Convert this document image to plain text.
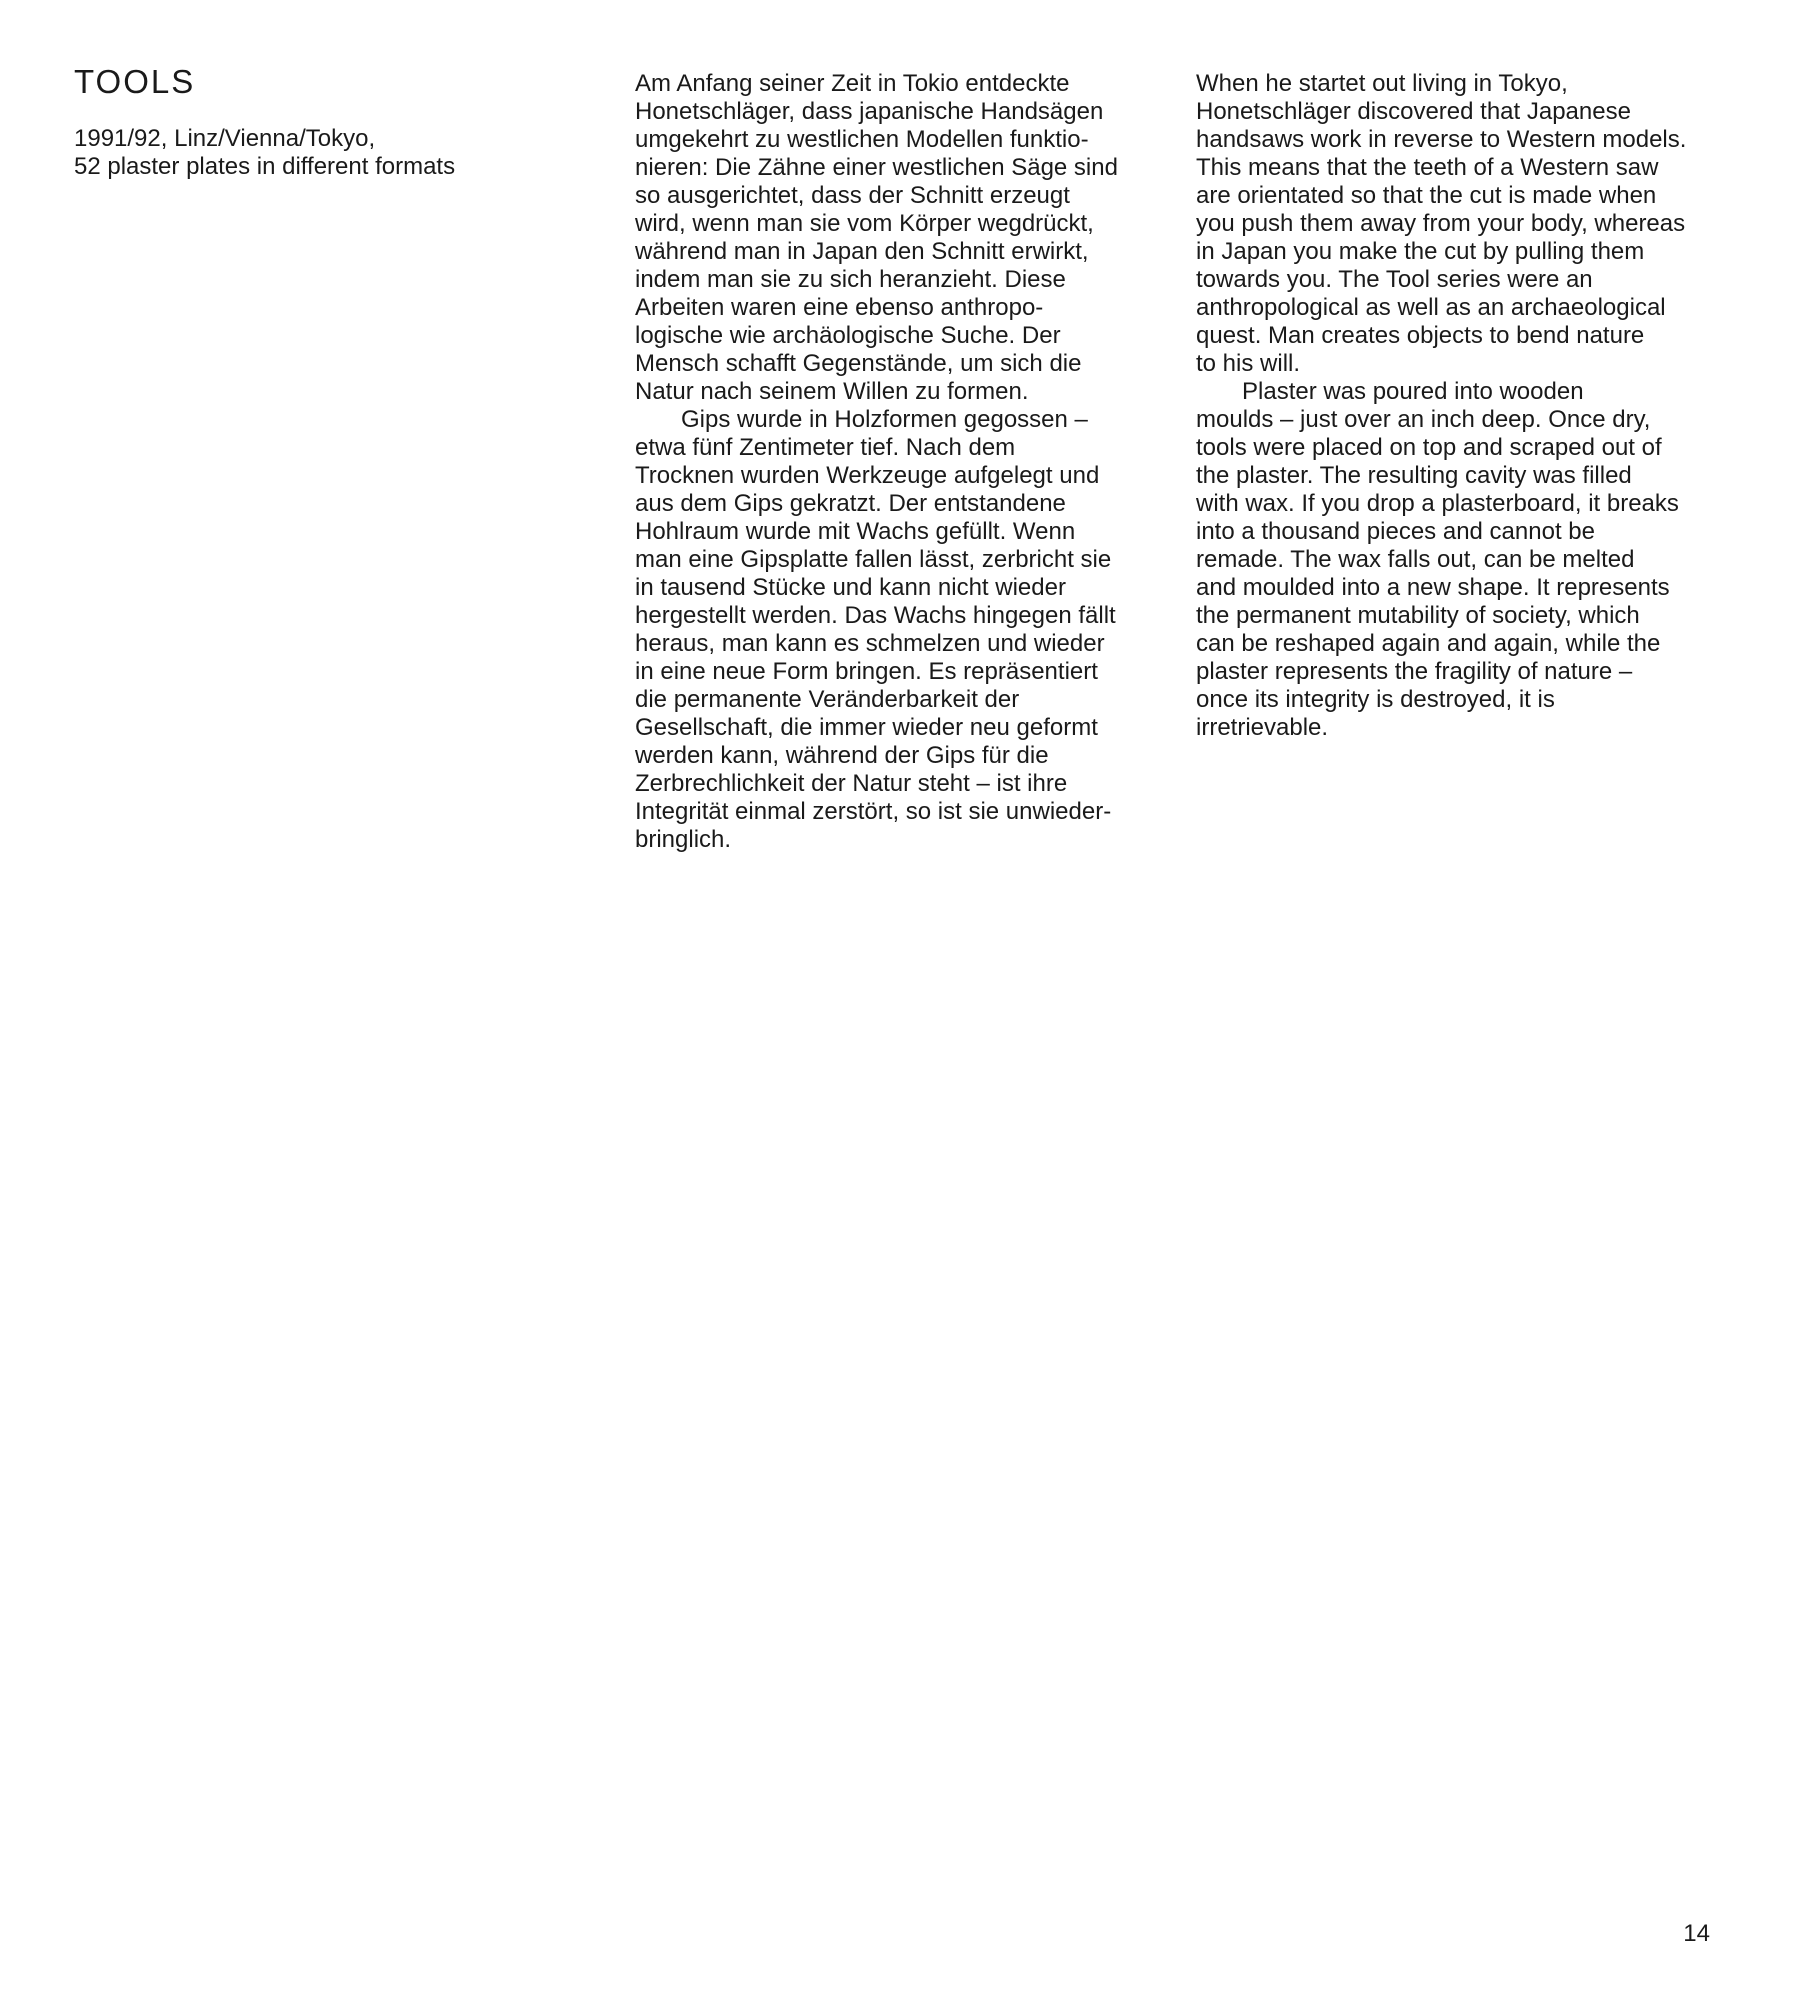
TOOLS
1991/92, Linz/Vienna/Tokyo,
52 plaster plates in different formats

Am Anfang seiner Zeit in Tokio entdeckte
Honetschläger, dass japanische Handsägen
umgekehrt zu westlichen Modellen funktio-
nieren: Die Zähne einer westlichen Säge sind
so ausgerichtet, dass der Schnitt erzeugt
wird, wenn man sie vom Körper wegdrückt,
während man in Japan den Schnitt erwirkt,
indem man sie zu sich heranzieht. Diese
Arbeiten waren eine ebenso anthropo-
logische wie archäologische Suche. Der
Mensch schafft Gegenstände, um sich die
Natur nach seinem Willen zu formen.

Gips wurde in Holzformen gegossen –
etwa fünf Zentimeter tief. Nach dem
Trocknen wurden Werkzeuge aufgelegt und
aus dem Gips gekratzt. Der entstandene
Hohlraum wurde mit Wachs gefüllt. Wenn
man eine Gipsplatte fallen lässt, zerbricht sie
in tausend Stücke und kann nicht wieder
hergestellt werden. Das Wachs hingegen fällt
heraus, man kann es schmelzen und wieder
in eine neue Form bringen. Es repräsentiert
die permanente Veränderbarkeit der
Gesellschaft, die immer wieder neu geformt
werden kann, während der Gips für die
Zerbrechlichkeit der Natur steht – ist ihre
Integrität einmal zerstört, so ist sie unwieder-
bringlich.

When he startet out living in Tokyo,
Honetschläger discovered that Japanese
handsaws work in reverse to Western models.
This means that the teeth of a Western saw
are orientated so that the cut is made when
you push them away from your body, whereas
in Japan you make the cut by pulling them
towards you. The Tool series were an
anthropological as well as an archaeological
quest. Man creates objects to bend nature
to his will.

Plaster was poured into wooden
moulds – just over an inch deep. Once dry,
tools were placed on top and scraped out of
the plaster. The resulting cavity was filled
with wax. If you drop a plasterboard, it breaks
into a thousand pieces and cannot be
remade. The wax falls out, can be melted
and moulded into a new shape. It represents
the permanent mutability of society, which
can be reshaped again and again, while the
plaster represents the fragility of nature –
once its integrity is destroyed, it is
irretrievable.

14
